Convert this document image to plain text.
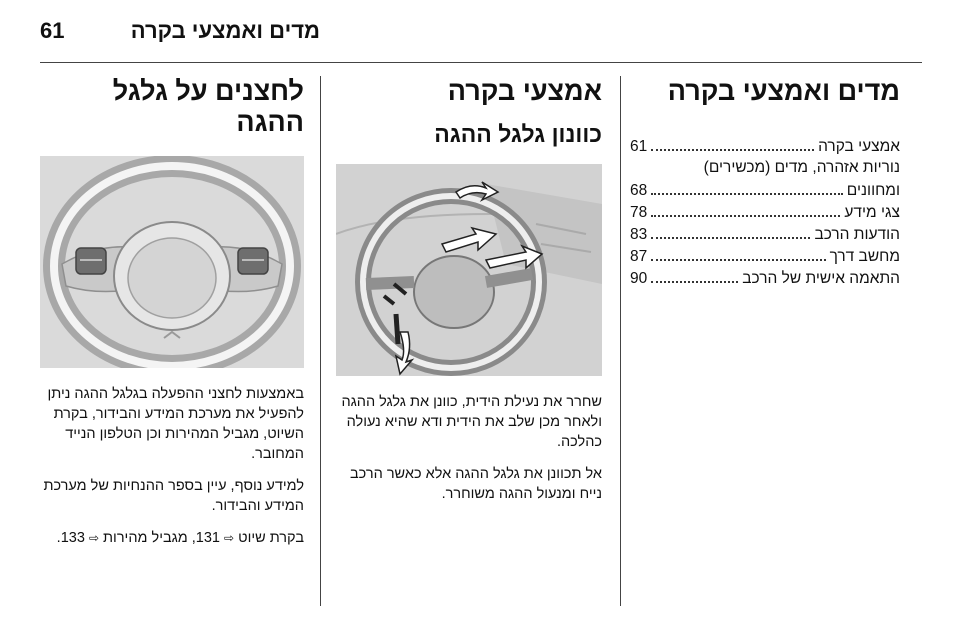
מדים ואמצעי בקרה
61
מדים ואמצעי בקרה
אמצעי בקרה
61
נוריות אזהרה, מדים (מכשירים)
ומחוונים
68
צגי מידע
78
הודעות הרכב
83
מחשב דרך
87
התאמה אישית של הרכב
90
אמצעי בקרה
כוונון גלגל ההגה

שחרר את נעילת הידית, כוונן את גלגל ההגה ולאחר מכן שלב את הידית ודא שהיא נעולה כהלכה.

אל תכוונן את גלגל ההגה אלא כאשר הרכב נייח ומנעול ההגה משוחרר.

לחצנים על גלגל ההגה

באמצעות לחצני ההפעלה בגלגל ההגה ניתן להפעיל את מערכת המידע והבידור, בקרת השיוט, מגביל המהירות וכן הטלפון הנייד המחובר.

למידע נוסף, עיין בספר ההנחיות של מערכת המידע והבידור.

בקרת שיוט ⇨ 131, מגביל מהירות ⇨ 133.
